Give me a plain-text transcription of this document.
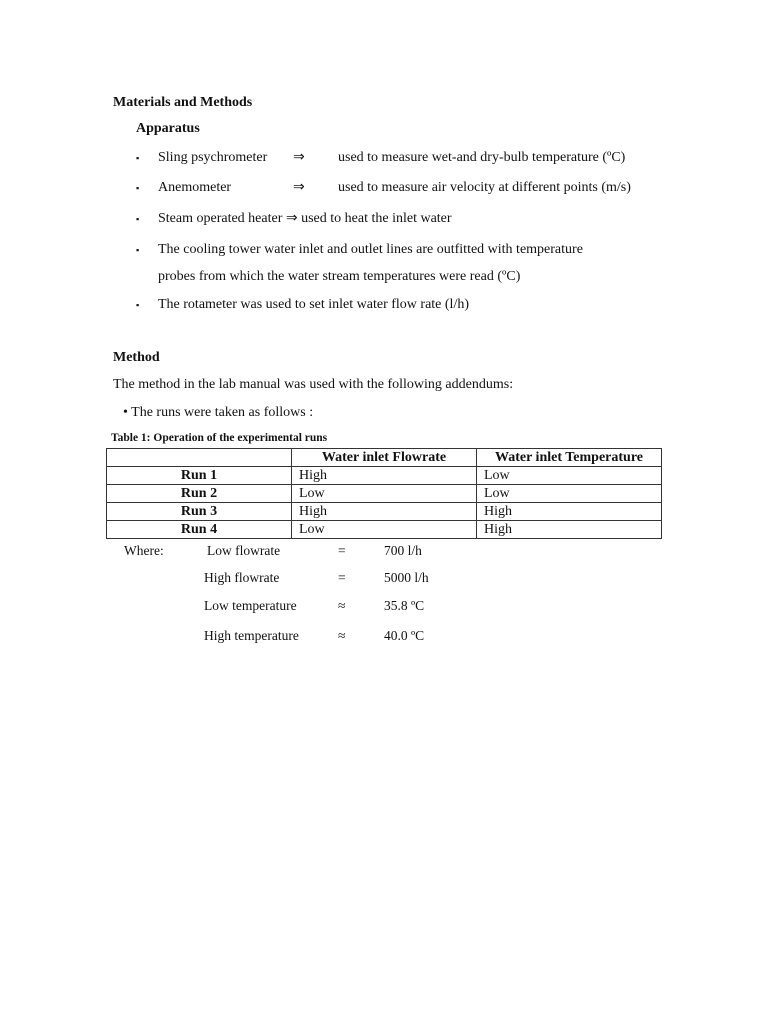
Materials and Methods
Apparatus
▪ Sling psychrometer ⇒ used to measure wet-and dry-bulb temperature (ºC)
▪ Anemometer	⇒ used to measure air velocity at different points (m/s)
▪ Steam operated heater ⇒ used to heat the inlet water
▪ The cooling tower water inlet and outlet lines are outfitted with temperature
probes from which the water stream temperatures were read (ºC)
▪ The rotameter was used to set inlet water flow rate (l/h)
Method
The method in the lab manual was used with the following addendums:
• The runs were taken as follows :
Table 1: Operation of the experimental runs
	Water inlet Flowrate	Water inlet Temperature
Run 1	High	Low
Run 2	Low	Low
Run 3	High	High
Run 4	Low	High
Where:	Low flowrate	=	700 l/h
High flowrate	=	5000 l/h
Low temperature	≈	35.8 ºC
High temperature	≈	40.0 ºC
